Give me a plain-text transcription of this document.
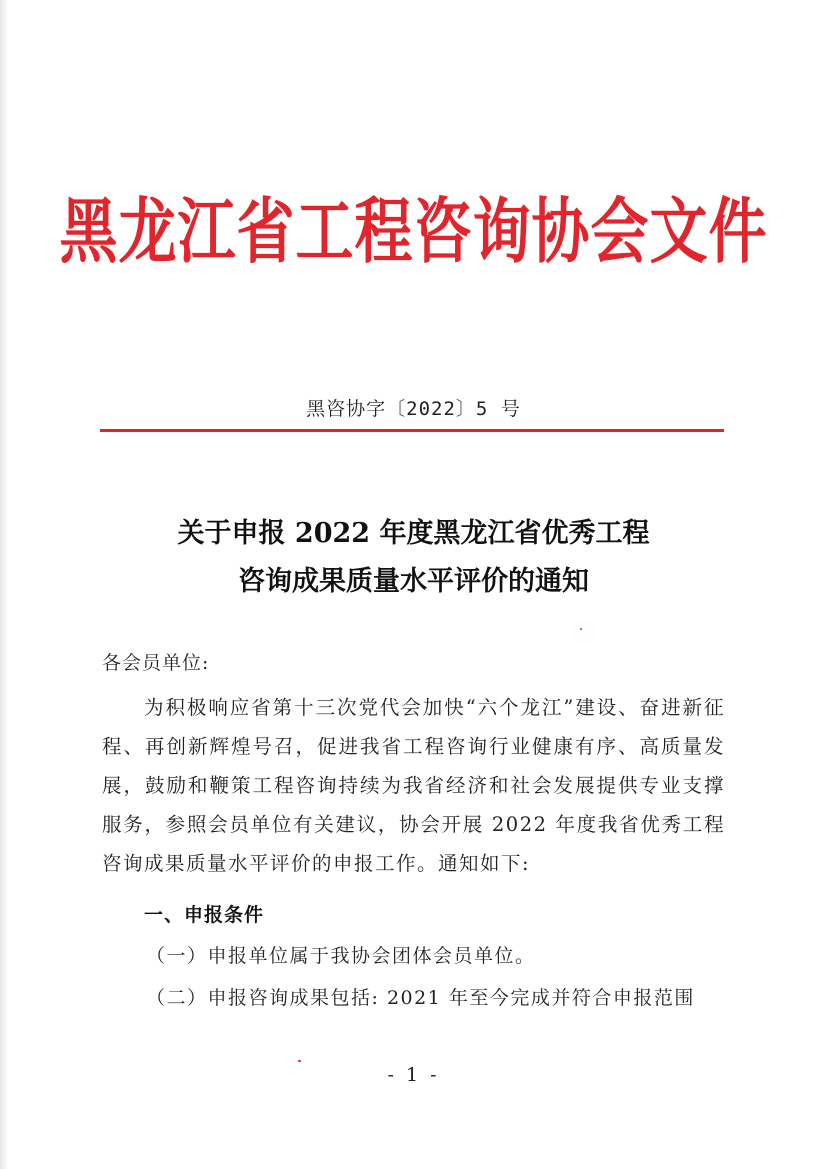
黑龙江省工程咨询协会文件
黑咨协字〔2022〕5 号
关于申报 2022 年度黑龙江省优秀工程
咨询成果质量水平评价的通知
各会员单位:
为积极响应省第十三次党代会加快“六个龙江”建设、奋进新征程、再创新辉煌号召，促进我省工程咨询行业健康有序、高质量发展，鼓励和鞭策工程咨询持续为我省经济和社会发展提供专业支撑服务，参照会员单位有关建议，协会开展 2022 年度我省优秀工程咨询成果质量水平评价的申报工作。通知如下:
一、申报条件
（一）申报单位属于我协会团体会员单位。
（二）申报咨询成果包括: 2021 年至今完成并符合申报范围
- 1 -
